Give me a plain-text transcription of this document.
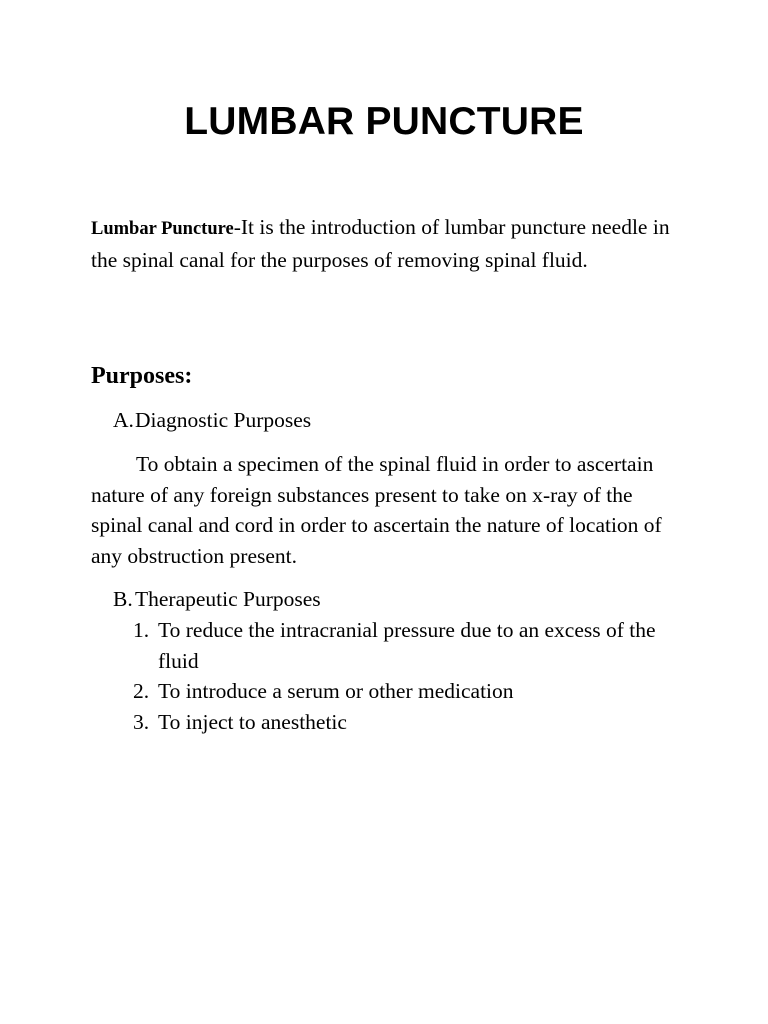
LUMBAR PUNCTURE

Lumbar Puncture-It is the introduction of lumbar puncture needle in the spinal canal for the purposes of removing spinal fluid.

Purposes:
A.Diagnostic Purposes

To obtain a specimen of the spinal fluid in order to ascertain nature of any foreign substances present to take on x-ray of the spinal canal and cord in order to ascertain the nature of location of any obstruction present.

B. Therapeutic Purposes
1. To reduce the intracranial pressure due to an excess of the fluid
2. To introduce a serum or other medication
3. To inject to anesthetic
